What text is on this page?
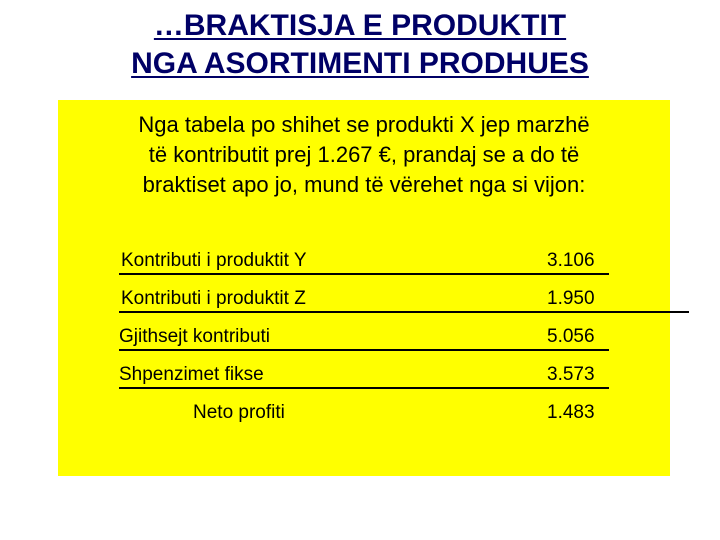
…BRAKTISJA E PRODUKTIT
NGA ASORTIMENTI PRODHUES
Nga tabela po shihet se produkti X jep marzhë
të kontributit prej 1.267 €, prandaj se a do të
braktiset apo jo, mund të vërehet nga si vijon:
Kontributi i produktit Y	3.106
Kontributi i produktit Z	1.950
Gjithsejt kontributi	5.056
Shpenzimet fikse	3.573
Neto profiti	1.483
